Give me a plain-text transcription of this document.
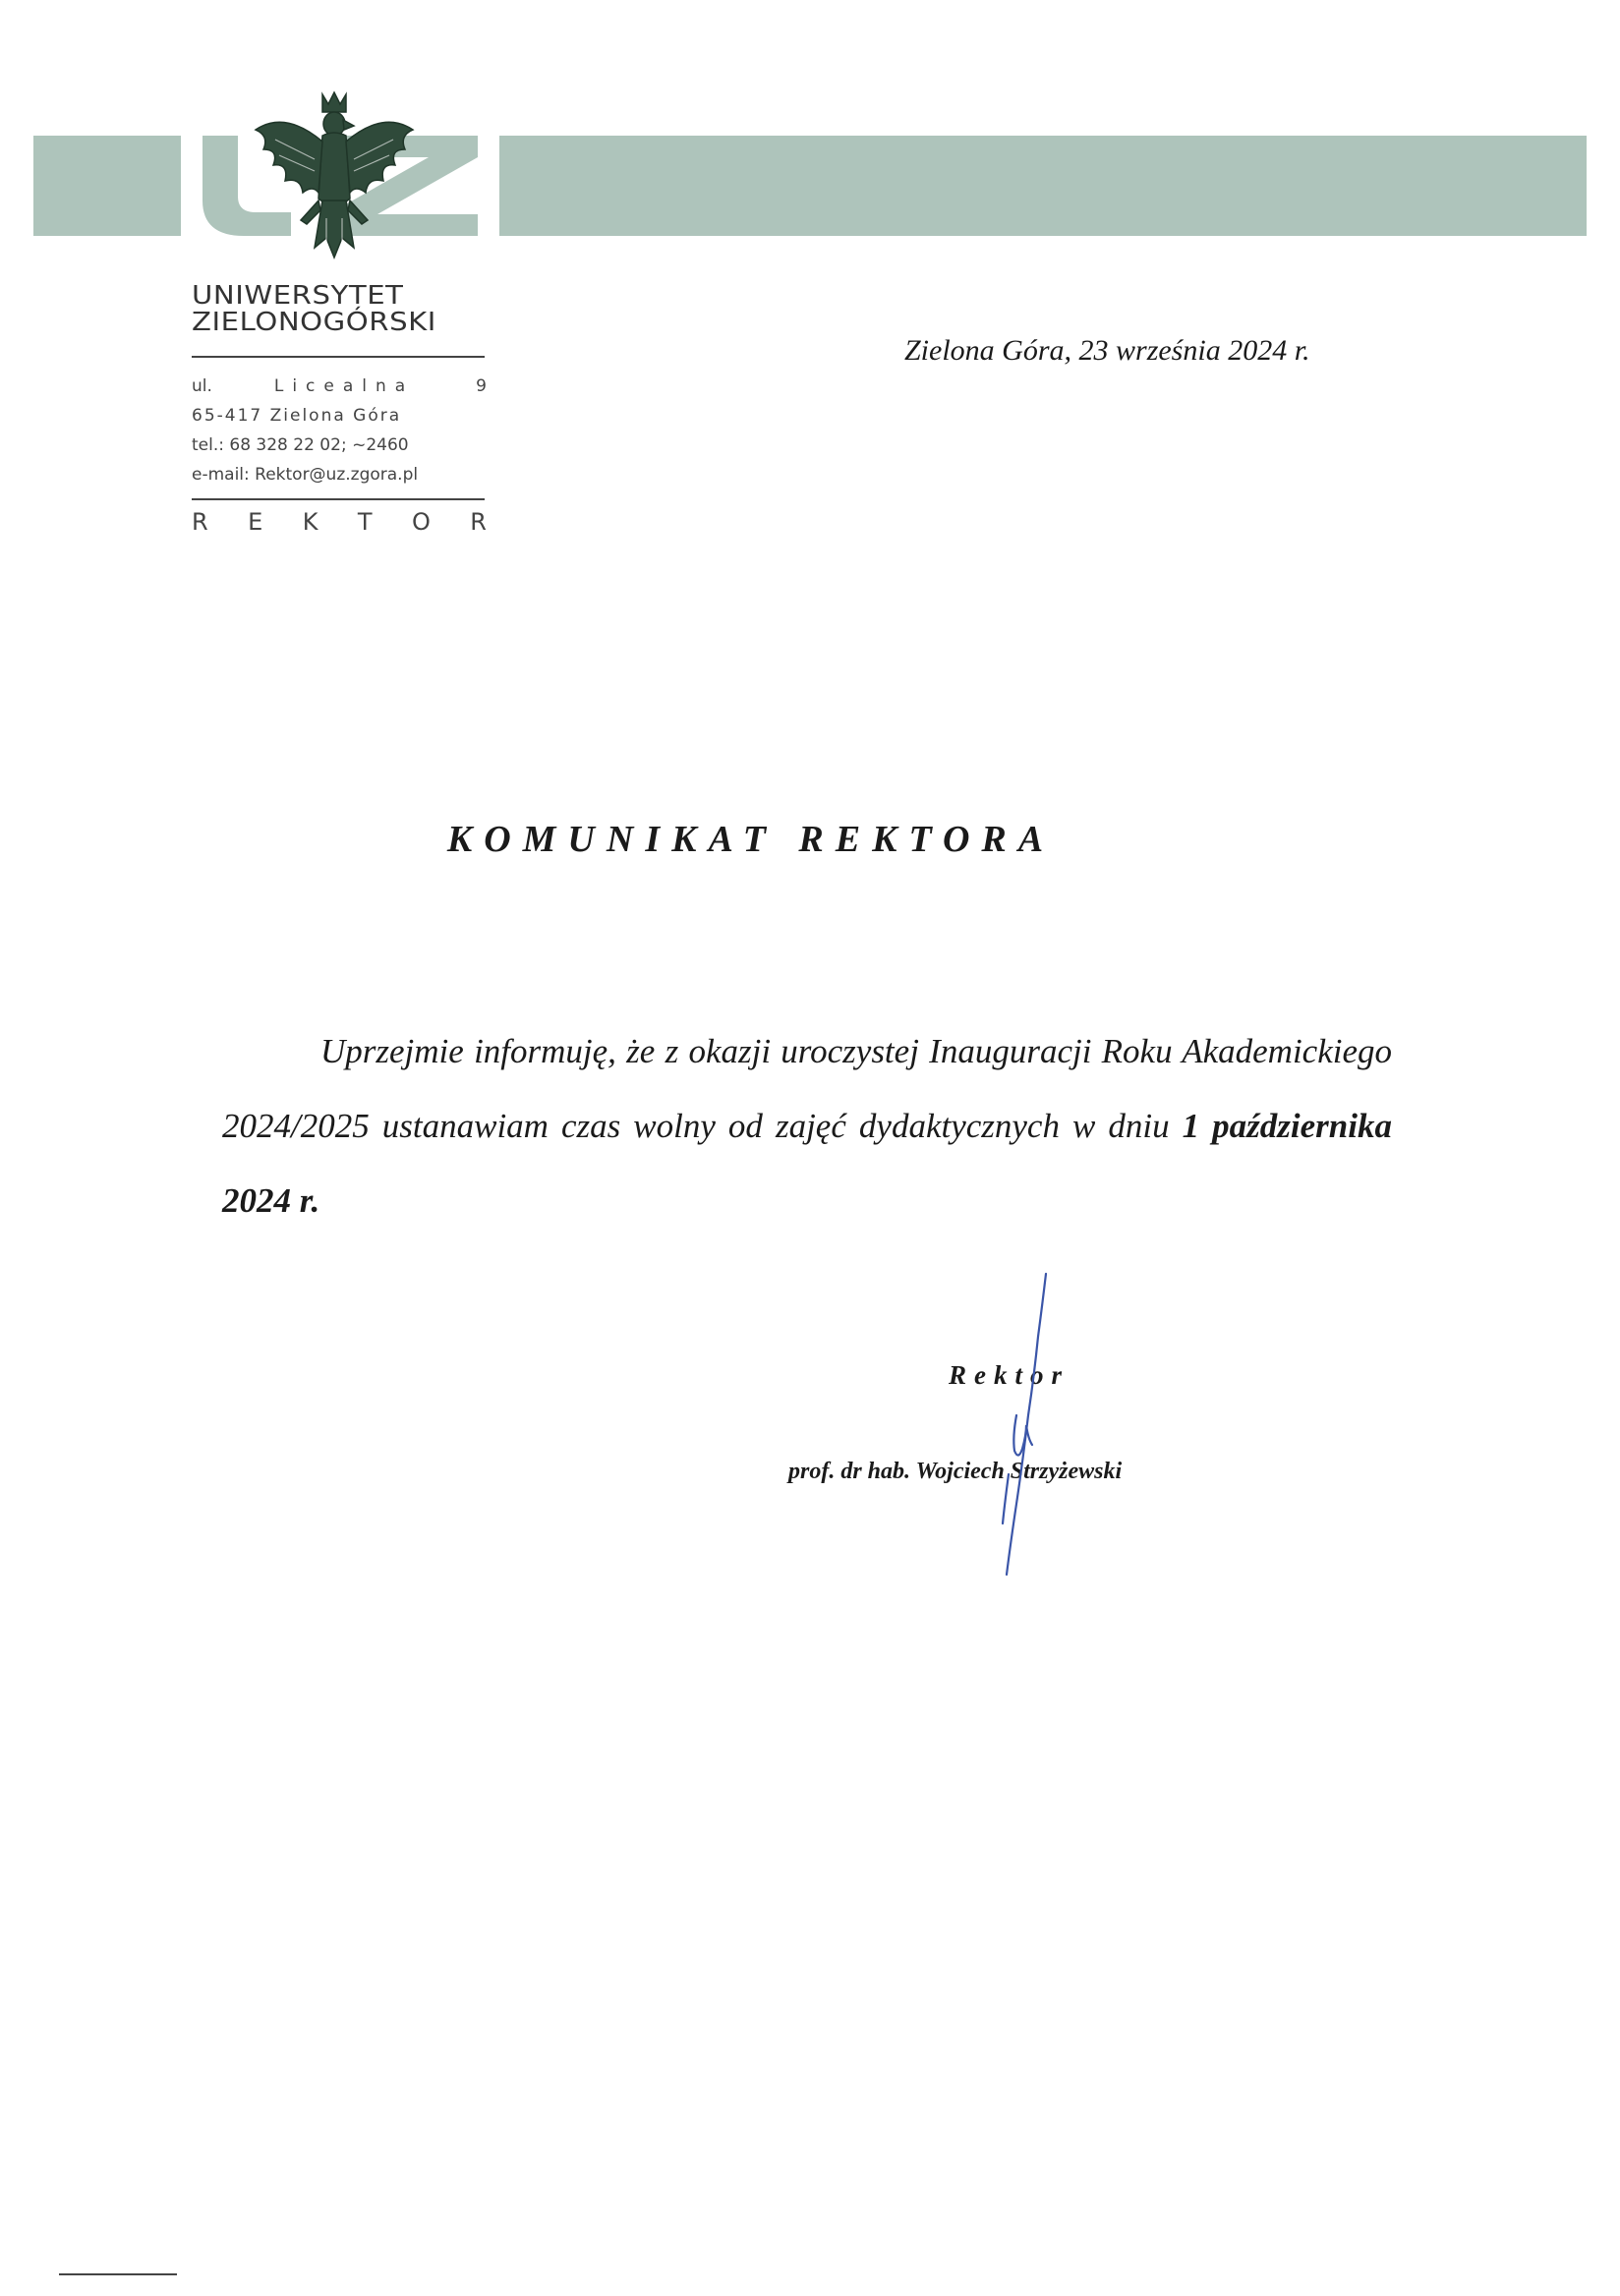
UNIWERSYTET
ZIELONOGÓRSKI
ul.	Licealna	9
65-417 Zielona Góra
tel.: 68 328 22 02; ~2460
e-mail: Rektor@uz.zgora.pl
R E K T O R
Zielona Góra, 23 września 2024 r.
KOMUNIKAT REKTORA
Uprzejmie informuję, że z okazji uroczystej Inauguracji Roku Akademickiego 2024/2025 ustanawiam czas wolny od zajęć dydaktycznych w dniu 1 października 2024 r.
Rektor
prof. dr hab. Wojciech Strzyżewski
